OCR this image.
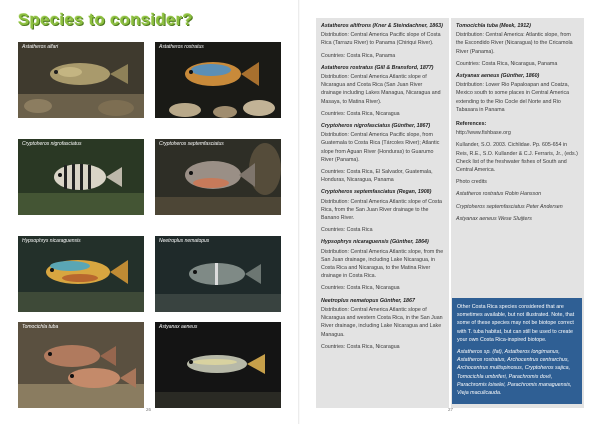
Species to consider?
Astatheros alfari	Astatheros rostratus
Cryptoheros nigrofasciatus	Cryptoheros septemfasciatus
Hypsophrys nicaraguensis	Neetroplus nematopus
Tomocichla tuba	Astyanax aeneus
26

Astatheros altifrons (Kner & Steindachner, 1863)

Distribution: Central America Pacific slope of Costa Rica (Tarrazu River) to Panama (Chiriqui River).

Countries: Costa Rica, Panama

Astatheros rostratus (Gill & Bransford, 1877)

Distribution: Central America Atlantic slope of Nicaragua and Costa Rica (San Juan River drainage including Lakes Managua, Nicaragua and Masaya, to Matina River).

Countries: Costa Rica, Nicaragua

Cryptoheros nigrofasciatus (Günther, 1867)

Distribution: Central America Pacific slope, from Guatemala to Costa Rica (Tárcoles River); Atlantic slope from Aguan River (Honduras) to Guarumo River (Panama).

Countries: Costa Rica, El Salvador, Guatemala, Honduras, Nicaragua, Panama

Cryptoheros septemfasciatus (Regan, 1908)

Distribution: Central America Atlantic slope of Costa Rica, from the San Juan River drainage to the Banano River.

Countries: Costa Rica

Hypsophrys nicaraguensis (Günther, 1864)

Distribution: Central America Atlantic slope, from the San Juan drainage, including Lake Nicaragua, in Costa Rica and Nicaragua, to the Matina River drainage in Costa Rica.

Countries: Costa Rica, Nicaragua

Neetroplus nematopus Günther, 1867

Distribution: Central America Atlantic slope of Nicaragua and western Costa Rica, in the San Juan River drainage, including Lake Nicaragua and Lake Managua.

Countries: Costa Rica, Nicaragua

Tomocichla tuba (Meek, 1912)

Distribution: Central America: Atlantic slope, from the Escondido River (Nicaragua) to the Cricamola River (Panama).

Countries: Costa Rica, Nicaragua, Panama

Astyanax aeneus (Günther, 1860)

Distribution: Lower Rio Papaloapan and Coatza, Mexico south to some places in Central America extending to the Rio Cocle del Norte and Rio Tabasara in Panama

References:

http://www.fishbase.org

Kullander, S.O. 2003. Cichlidae. Pp. 605-654 in Reis, R.E., S.O. Kullander & C.J. Ferraris, Jr., (eds.) Check list of the freshwater fishes of South and Central America.

Photo credits

Astatheros rostratus Robin Hansson

Cryptoheros septemfasciatus Peter Andersen

Astyanax aeneus Wese Sluijters

27

Other Costa Rica species considered that are sometimes available, but not illustrated. Note, that some of these species may not be biotope correct with T. tuba habitat, but can still be used to create your own Costa Rica-inspired biotope.

Astatheros sp. (fat), Astatheros longimanus, Astatheros rostratus, Archocentrus centrarchus, Archocentrus multispinosus, Cryptoheros sajica, Tomocichla umbriferi, Parachromis dovii, Parachromis loiselei, Parachromis managuensis, Vieja maculicauda.
